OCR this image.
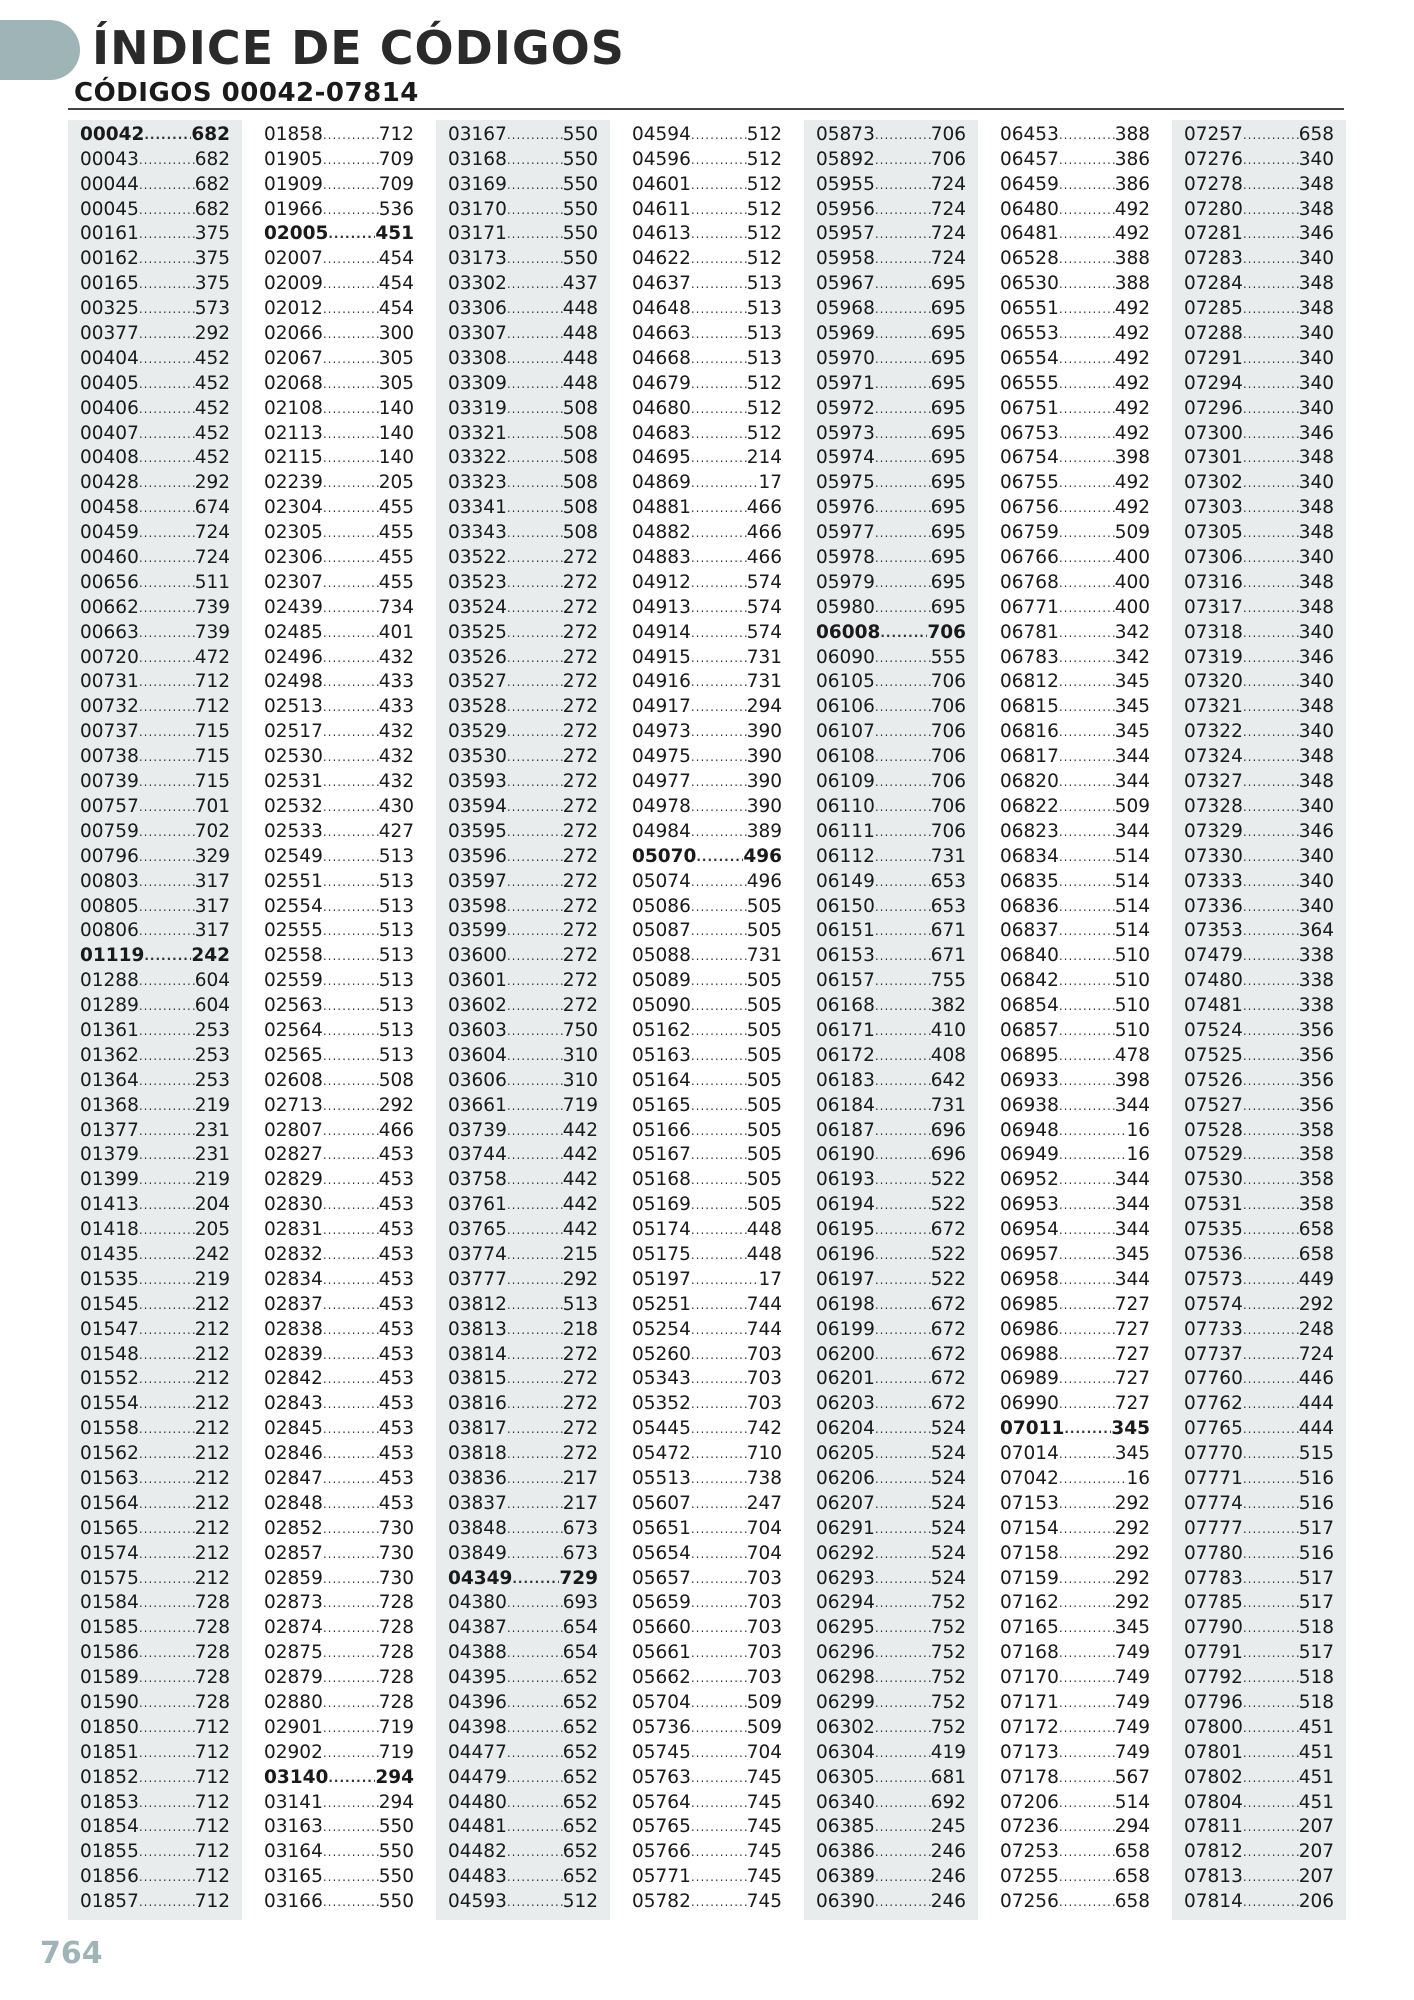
ÍNDICE DE CÓDIGOS
CÓDIGOS 00042-07814
00042 .....	682
00043 .....	682
00044 .....	682
00045 .....	682
00161 .....	375
00162 .....	375
00165 .....	375
00325 .....	573
00377 .....	292
00404 .....	452
00405 .....	452
00406 .....	452
00407 .....	452
00408 .....	452
00428 .....	292
00458 .....	674
00459 .....	724
00460 .....	724
00656 .....	511
00662 .....	739
00663 .....	739
00720 .....	472
00731 .....	712
00732 .....	712
00737 .....	715
00738 .....	715
00739 .....	715
00757 .....	701
00759 .....	702
00796 .....	329
00803 .....	317
00805 .....	317
00806 .....	317
01119 .....	242
01288 .....	604
01289 .....	604
01361 .....	253
01362 .....	253
01364 .....	253
01368 .....	219
01377 .....	231
01379 .....	231
01399 .....	219
01413 .....	204
01418 .....	205
01435 .....	242
01535 .....	219
01545 .....	212
01547 .....	212
01548 .....	212
01552 .....	212
01554 .....	212
01558 .....	212
01562 .....	212
01563 .....	212
01564 .....	212
01565 .....	212
01574 .....	212
01575 .....	212
01584 .....	728
01585 .....	728
01586 .....	728
01589 .....	728
01590 .....	728
01850 .....	712
01851 .....	712
01852 .....	712
01853 .....	712
01854 .....	712
01855 .....	712
01856 .....	712
01857 .....	712
01858 .....	712
01905 .....	709
01909 .....	709
01966 .....	536
02005 .....	451
02007 .....	454
02009 .....	454
02012 .....	454
02066 .....	300
02067 .....	305
02068 .....	305
02108 .....	140
02113 .....	140
02115 .....	140
02239 .....	205
02304 .....	455
02305 .....	455
02306 .....	455
02307 .....	455
02439 .....	734
02485 .....	401
02496 .....	432
02498 .....	433
02513 .....	433
02517 .....	432
02530 .....	432
02531 .....	432
02532 .....	430
02533 .....	427
02549 .....	513
02551 .....	513
02554 .....	513
02555 .....	513
02558 .....	513
02559 .....	513
02563 .....	513
02564 .....	513
02565 .....	513
02608 .....	508
02713 .....	292
02807 .....	466
02827 .....	453
02829 .....	453
02830 .....	453
02831 .....	453
02832 .....	453
02834 .....	453
02837 .....	453
02838 .....	453
02839 .....	453
02842 .....	453
02843 .....	453
02845 .....	453
02846 .....	453
02847 .....	453
02848 .....	453
02852 .....	730
02857 .....	730
02859 .....	730
02873 .....	728
02874 .....	728
02875 .....	728
02879 .....	728
02880 .....	728
02901 .....	719
02902 .....	719
03140 .....	294
03141 .....	294
03163 .....	550
03164 .....	550
03165 .....	550
03166 .....	550
03167 .....	550
03168 .....	550
03169 .....	550
03170 .....	550
03171 .....	550
03173 .....	550
03302 .....	437
03306 .....	448
03307 .....	448
03308 .....	448
03309 .....	448
03319 .....	508
03321 .....	508
03322 .....	508
03323 .....	508
03341 .....	508
03343 .....	508
03522 .....	272
03523 .....	272
03524 .....	272
03525 .....	272
03526 .....	272
03527 .....	272
03528 .....	272
03529 .....	272
03530 .....	272
03593 .....	272
03594 .....	272
03595 .....	272
03596 .....	272
03597 .....	272
03598 .....	272
03599 .....	272
03600 .....	272
03601 .....	272
03602 .....	272
03603 .....	750
03604 .....	310
03606 .....	310
03661 .....	719
03739 .....	442
03744 .....	442
03758 .....	442
03761 .....	442
03765 .....	442
03774 .....	215
03777 .....	292
03812 .....	513
03813 .....	218
03814 .....	272
03815 .....	272
03816 .....	272
03817 .....	272
03818 .....	272
03836 .....	217
03837 .....	217
03848 .....	673
03849 .....	673
04349 .....	729
04380 .....	693
04387 .....	654
04388 .....	654
04395 .....	652
04396 .....	652
04398 .....	652
04477 .....	652
04479 .....	652
04480 .....	652
04481 .....	652
04482 .....	652
04483 .....	652
04593 .....	512
04594 .....	512
04596 .....	512
04601 .....	512
04611 .....	512
04613 .....	512
04622 .....	512
04637 .....	513
04648 .....	513
04663 .....	513
04668 .....	513
04679 .....	512
04680 .....	512
04683 .....	512
04695 .....	214
04869 .....	17
04881 .....	466
04882 .....	466
04883 .....	466
04912 .....	574
04913 .....	574
04914 .....	574
04915 .....	731
04916 .....	731
04917 .....	294
04973 .....	390
04975 .....	390
04977 .....	390
04978 .....	390
04984 .....	389
05070 .....	496
05074 .....	496
05086 .....	505
05087 .....	505
05088 .....	731
05089 .....	505
05090 .....	505
05162 .....	505
05163 .....	505
05164 .....	505
05165 .....	505
05166 .....	505
05167 .....	505
05168 .....	505
05169 .....	505
05174 .....	448
05175 .....	448
05197 .....	17
05251 .....	744
05254 .....	744
05260 .....	703
05343 .....	703
05352 .....	703
05445 .....	742
05472 .....	710
05513 .....	738
05607 .....	247
05651 .....	704
05654 .....	704
05657 .....	703
05659 .....	703
05660 .....	703
05661 .....	703
05662 .....	703
05704 .....	509
05736 .....	509
05745 .....	704
05763 .....	745
05764 .....	745
05765 .....	745
05766 .....	745
05771 .....	745
05782 .....	745
05873 .....	706
05892 .....	706
05955 .....	724
05956 .....	724
05957 .....	724
05958 .....	724
05967 .....	695
05968 .....	695
05969 .....	695
05970 .....	695
05971 .....	695
05972 .....	695
05973 .....	695
05974 .....	695
05975 .....	695
05976 .....	695
05977 .....	695
05978 .....	695
05979 .....	695
05980 .....	695
06008 .....	706
06090 .....	555
06105 .....	706
06106 .....	706
06107 .....	706
06108 .....	706
06109 .....	706
06110 .....	706
06111 .....	706
06112 .....	731
06149 .....	653
06150 .....	653
06151 .....	671
06153 .....	671
06157 .....	755
06168 .....	382
06171 .....	410
06172 .....	408
06183 .....	642
06184 .....	731
06187 .....	696
06190 .....	696
06193 .....	522
06194 .....	522
06195 .....	672
06196 .....	522
06197 .....	522
06198 .....	672
06199 .....	672
06200 .....	672
06201 .....	672
06203 .....	672
06204 .....	524
06205 .....	524
06206 .....	524
06207 .....	524
06291 .....	524
06292 .....	524
06293 .....	524
06294 .....	752
06295 .....	752
06296 .....	752
06298 .....	752
06299 .....	752
06302 .....	752
06304 .....	419
06305 .....	681
06340 .....	692
06385 .....	245
06386 .....	246
06389 .....	246
06390 .....	246
06453 .....	388
06457 .....	386
06459 .....	386
06480 .....	492
06481 .....	492
06528 .....	388
06530 .....	388
06551 .....	492
06553 .....	492
06554 .....	492
06555 .....	492
06751 .....	492
06753 .....	492
06754 .....	398
06755 .....	492
06756 .....	492
06759 .....	509
06766 .....	400
06768 .....	400
06771 .....	400
06781 .....	342
06783 .....	342
06812 .....	345
06815 .....	345
06816 .....	345
06817 .....	344
06820 .....	344
06822 .....	509
06823 .....	344
06834 .....	514
06835 .....	514
06836 .....	514
06837 .....	514
06840 .....	510
06842 .....	510
06854 .....	510
06857 .....	510
06895 .....	478
06933 .....	398
06938 .....	344
06948 .....	16
06949 .....	16
06952 .....	344
06953 .....	344
06954 .....	344
06957 .....	345
06958 .....	344
06985 .....	727
06986 .....	727
06988 .....	727
06989 .....	727
06990 .....	727
07011 .....	345
07014 .....	345
07042 .....	16
07153 .....	292
07154 .....	292
07158 .....	292
07159 .....	292
07162 .....	292
07165 .....	345
07168 .....	749
07170 .....	749
07171 .....	749
07172 .....	749
07173 .....	749
07178 .....	567
07206 .....	514
07236 .....	294
07253 .....	658
07255 .....	658
07256 .....	658
07257 .....	658
07276 .....	340
07278 .....	348
07280 .....	348
07281 .....	346
07283 .....	340
07284 .....	348
07285 .....	348
07288 .....	340
07291 .....	340
07294 .....	340
07296 .....	340
07300 .....	346
07301 .....	348
07302 .....	340
07303 .....	348
07305 .....	348
07306 .....	340
07316 .....	348
07317 .....	348
07318 .....	340
07319 .....	346
07320 .....	340
07321 .....	348
07322 .....	340
07324 .....	348
07327 .....	348
07328 .....	340
07329 .....	346
07330 .....	340
07333 .....	340
07336 .....	340
07353 .....	364
07479 .....	338
07480 .....	338
07481 .....	338
07524 .....	356
07525 .....	356
07526 .....	356
07527 .....	356
07528 .....	358
07529 .....	358
07530 .....	358
07531 .....	358
07535 .....	658
07536 .....	658
07573 .....	449
07574 .....	292
07733 .....	248
07737 .....	724
07760 .....	446
07762 .....	444
07765 .....	444
07770 .....	515
07771 .....	516
07774 .....	516
07777 .....	517
07780 .....	516
07783 .....	517
07785 .....	517
07790 .....	518
07791 .....	517
07792 .....	518
07796 .....	518
07800 .....	451
07801 .....	451
07802 .....	451
07804 .....	451
07811 .....	207
07812 .....	207
07813 .....	207
07814 .....	206
764
